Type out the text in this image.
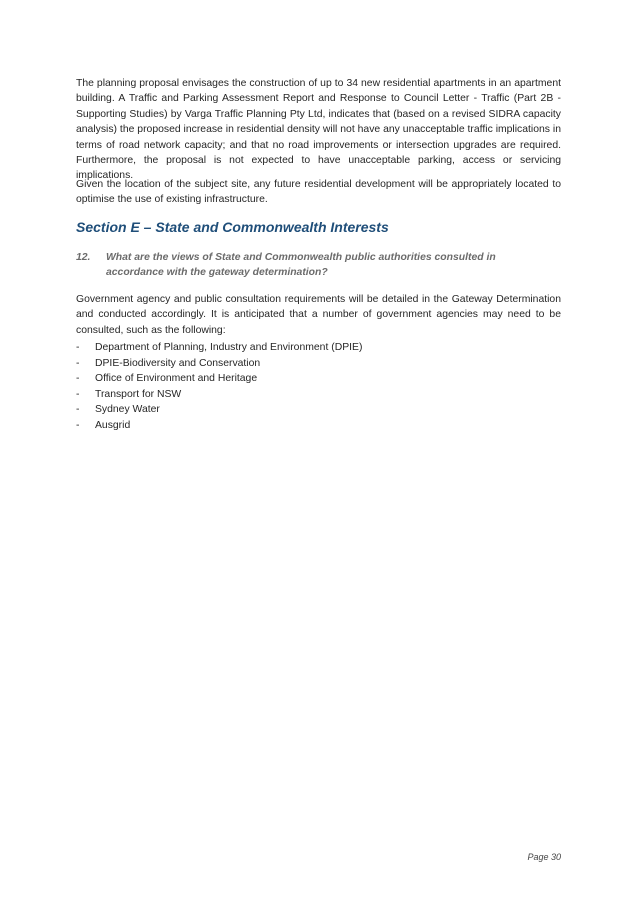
The planning proposal envisages the construction of up to 34 new residential apartments in an apartment building. A Traffic and Parking Assessment Report and Response to Council Letter - Traffic (Part 2B - Supporting Studies) by Varga Traffic Planning Pty Ltd, indicates that (based on a revised SIDRA capacity analysis) the proposed increase in residential density will not have any unacceptable traffic implications in terms of road network capacity; and that no road improvements or intersection upgrades are required. Furthermore, the proposal is not expected to have unacceptable parking, access or servicing implications.

Given the location of the subject site, any future residential development will be appropriately located to optimise the use of existing infrastructure.

Section E – State and Commonwealth Interests
12. What are the views of State and Commonwealth public authorities consulted in accordance with the gateway determination?

Government agency and public consultation requirements will be detailed in the Gateway Determination and conducted accordingly. It is anticipated that a number of government agencies may need to be consulted, such as the following:

- Department of Planning, Industry and Environment (DPIE)
- DPIE-Biodiversity and Conservation
- Office of Environment and Heritage
- Transport for NSW
- Sydney Water
- Ausgrid
Page 30
